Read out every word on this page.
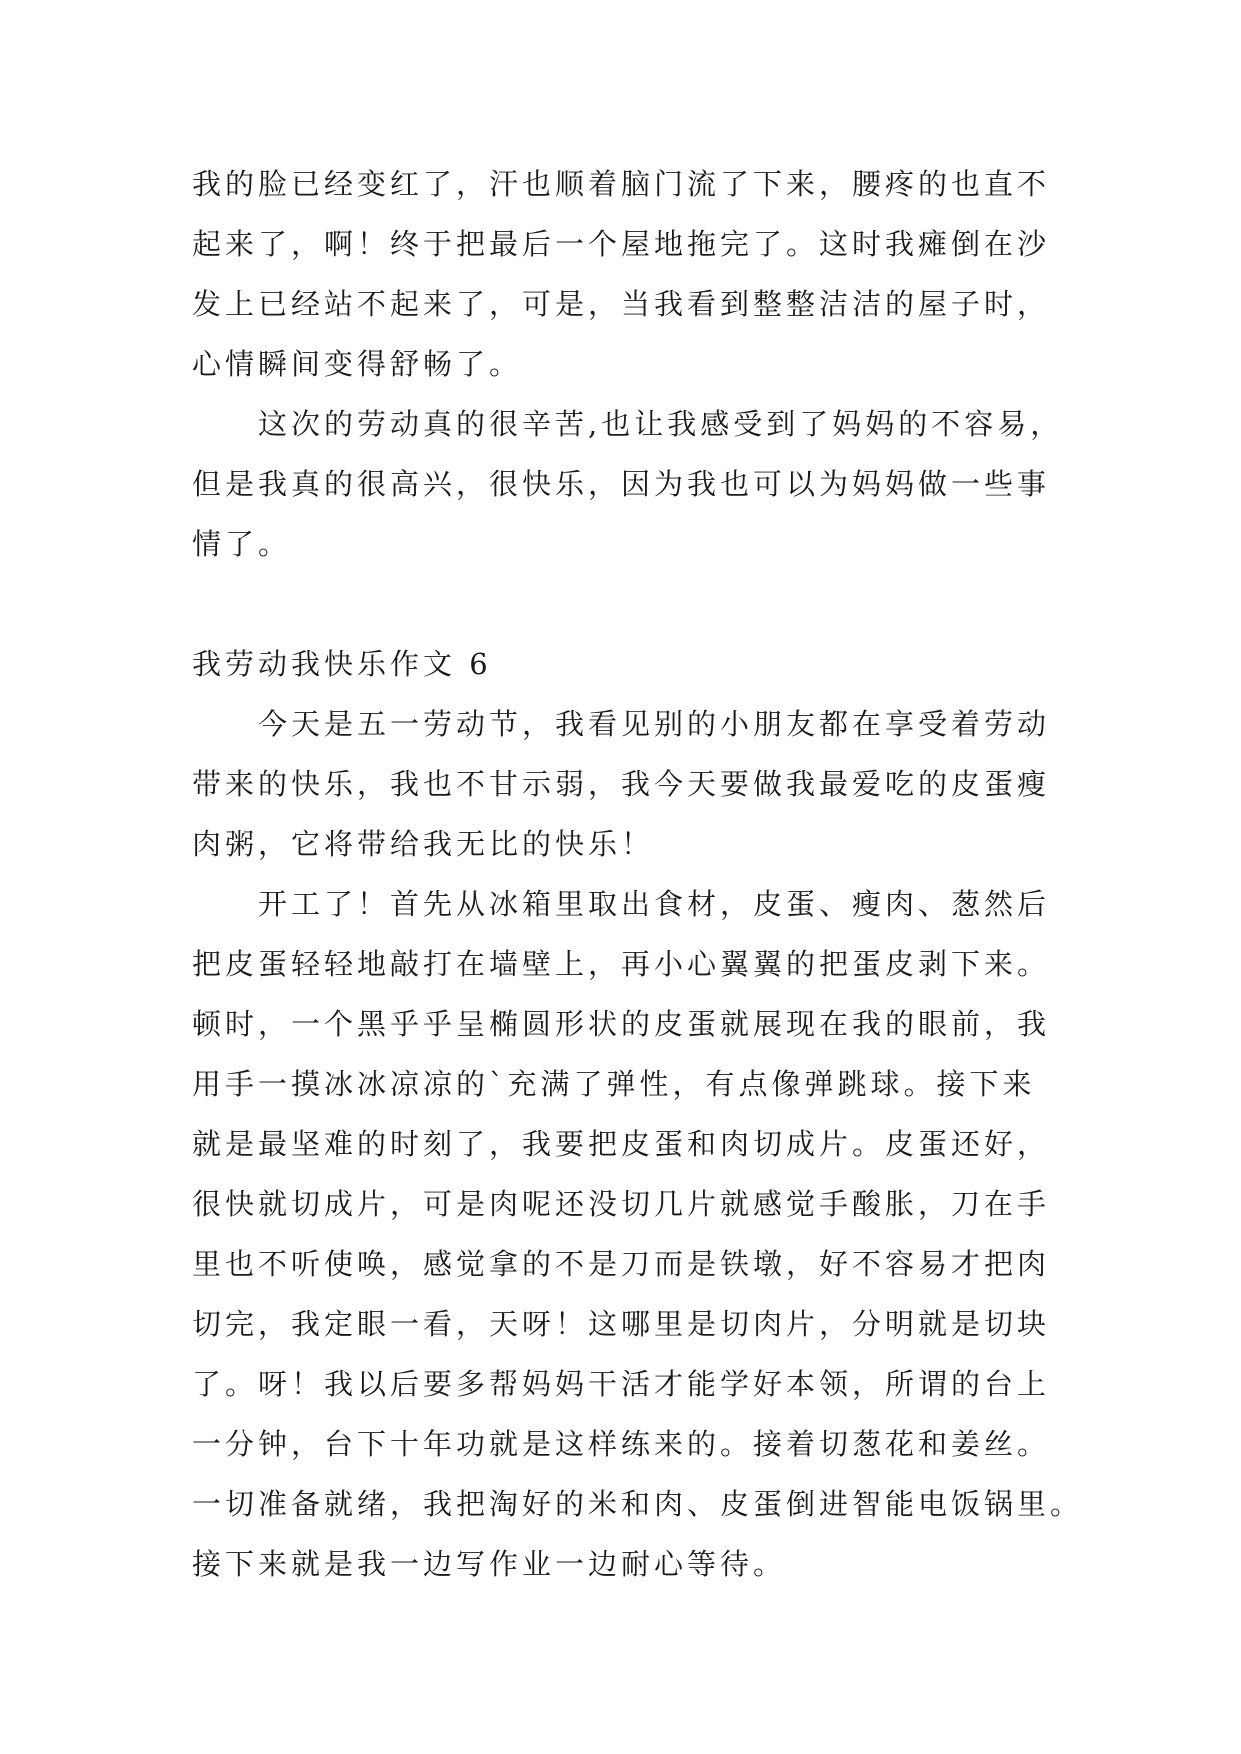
我的脸已经变红了，汗也顺着脑门流了下来，腰疼的也直不
起来了，啊！终于把最后一个屋地拖完了。这时我瘫倒在沙
发上已经站不起来了，可是，当我看到整整洁洁的屋子时，
心情瞬间变得舒畅了。
这次的劳动真的很辛苦,也让我感受到了妈妈的不容易，
但是我真的很高兴，很快乐，因为我也可以为妈妈做一些事
情了。
我劳动我快乐作文 6
今天是五一劳动节，我看见别的小朋友都在享受着劳动
带来的快乐，我也不甘示弱，我今天要做我最爱吃的皮蛋瘦
肉粥，它将带给我无比的快乐！
开工了！首先从冰箱里取出食材，皮蛋、瘦肉、葱然后
把皮蛋轻轻地敲打在墙壁上，再小心翼翼的把蛋皮剥下来。
顿时，一个黑乎乎呈椭圆形状的皮蛋就展现在我的眼前，我
用手一摸冰冰凉凉的`充满了弹性，有点像弹跳球。接下来
就是最坚难的时刻了，我要把皮蛋和肉切成片。皮蛋还好，
很快就切成片，可是肉呢还没切几片就感觉手酸胀，刀在手
里也不听使唤，感觉拿的不是刀而是铁墩，好不容易才把肉
切完，我定眼一看，天呀！这哪里是切肉片，分明就是切块
了。呀！我以后要多帮妈妈干活才能学好本领，所谓的台上
一分钟，台下十年功就是这样练来的。接着切葱花和姜丝。
一切准备就绪，我把淘好的米和肉、皮蛋倒进智能电饭锅里。
接下来就是我一边写作业一边耐心等待。
